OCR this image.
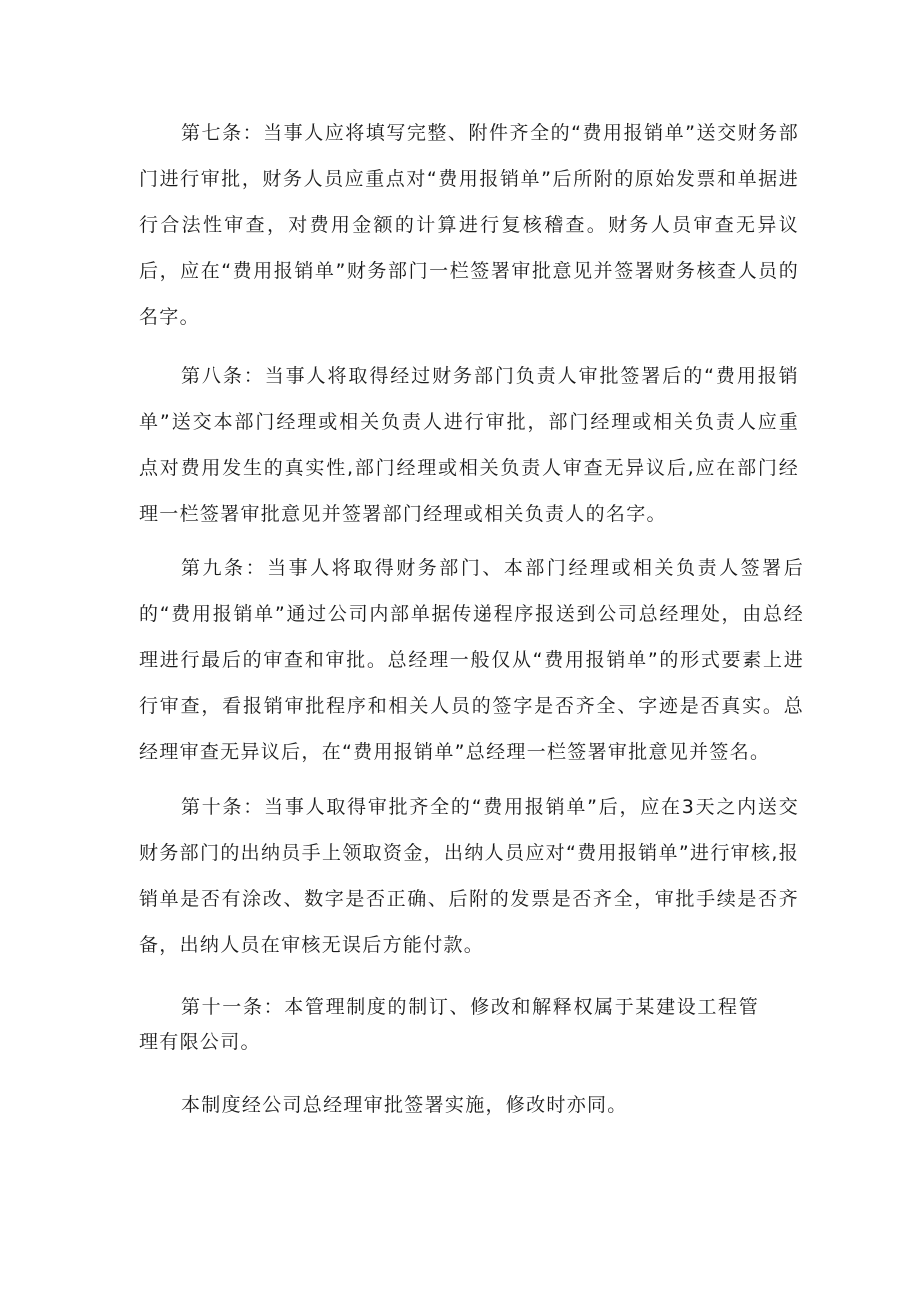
第七条：当事人应将填写完整、附件齐全的“费用报销单”送交财务部门进行审批，财务人员应重点对“费用报销单”后所附的原始发票和单据进行合法性审查，对费用金额的计算进行复核稽查。财务人员审查无异议后，应在“费用报销单”财务部门一栏签署审批意见并签署财务核查人员的名字。

第八条：当事人将取得经过财务部门负责人审批签署后的“费用报销单”送交本部门经理或相关负责人进行审批，部门经理或相关负责人应重点对费用发生的真实性,部门经理或相关负责人审查无异议后,应在部门经理一栏签署审批意见并签署部门经理或相关负责人的名字。

第九条：当事人将取得财务部门、本部门经理或相关负责人签署后的“费用报销单”通过公司内部单据传递程序报送到公司总经理处，由总经理进行最后的审查和审批。总经理一般仅从“费用报销单”的形式要素上进行审查，看报销审批程序和相关人员的签字是否齐全、字迹是否真实。总经理审查无异议后，在“费用报销单”总经理一栏签署审批意见并签名。

第十条：当事人取得审批齐全的“费用报销单”后，应在3天之内送交财务部门的出纳员手上领取资金，出纳人员应对“费用报销单”进行审核,报销单是否有涂改、数字是否正确、后附的发票是否齐全，审批手续是否齐备，出纳人员在审核无误后方能付款。

第十一条：本管理制度的制订、修改和解释权属于某建设工程管理有限公司。

本制度经公司总经理审批签署实施，修改时亦同。
